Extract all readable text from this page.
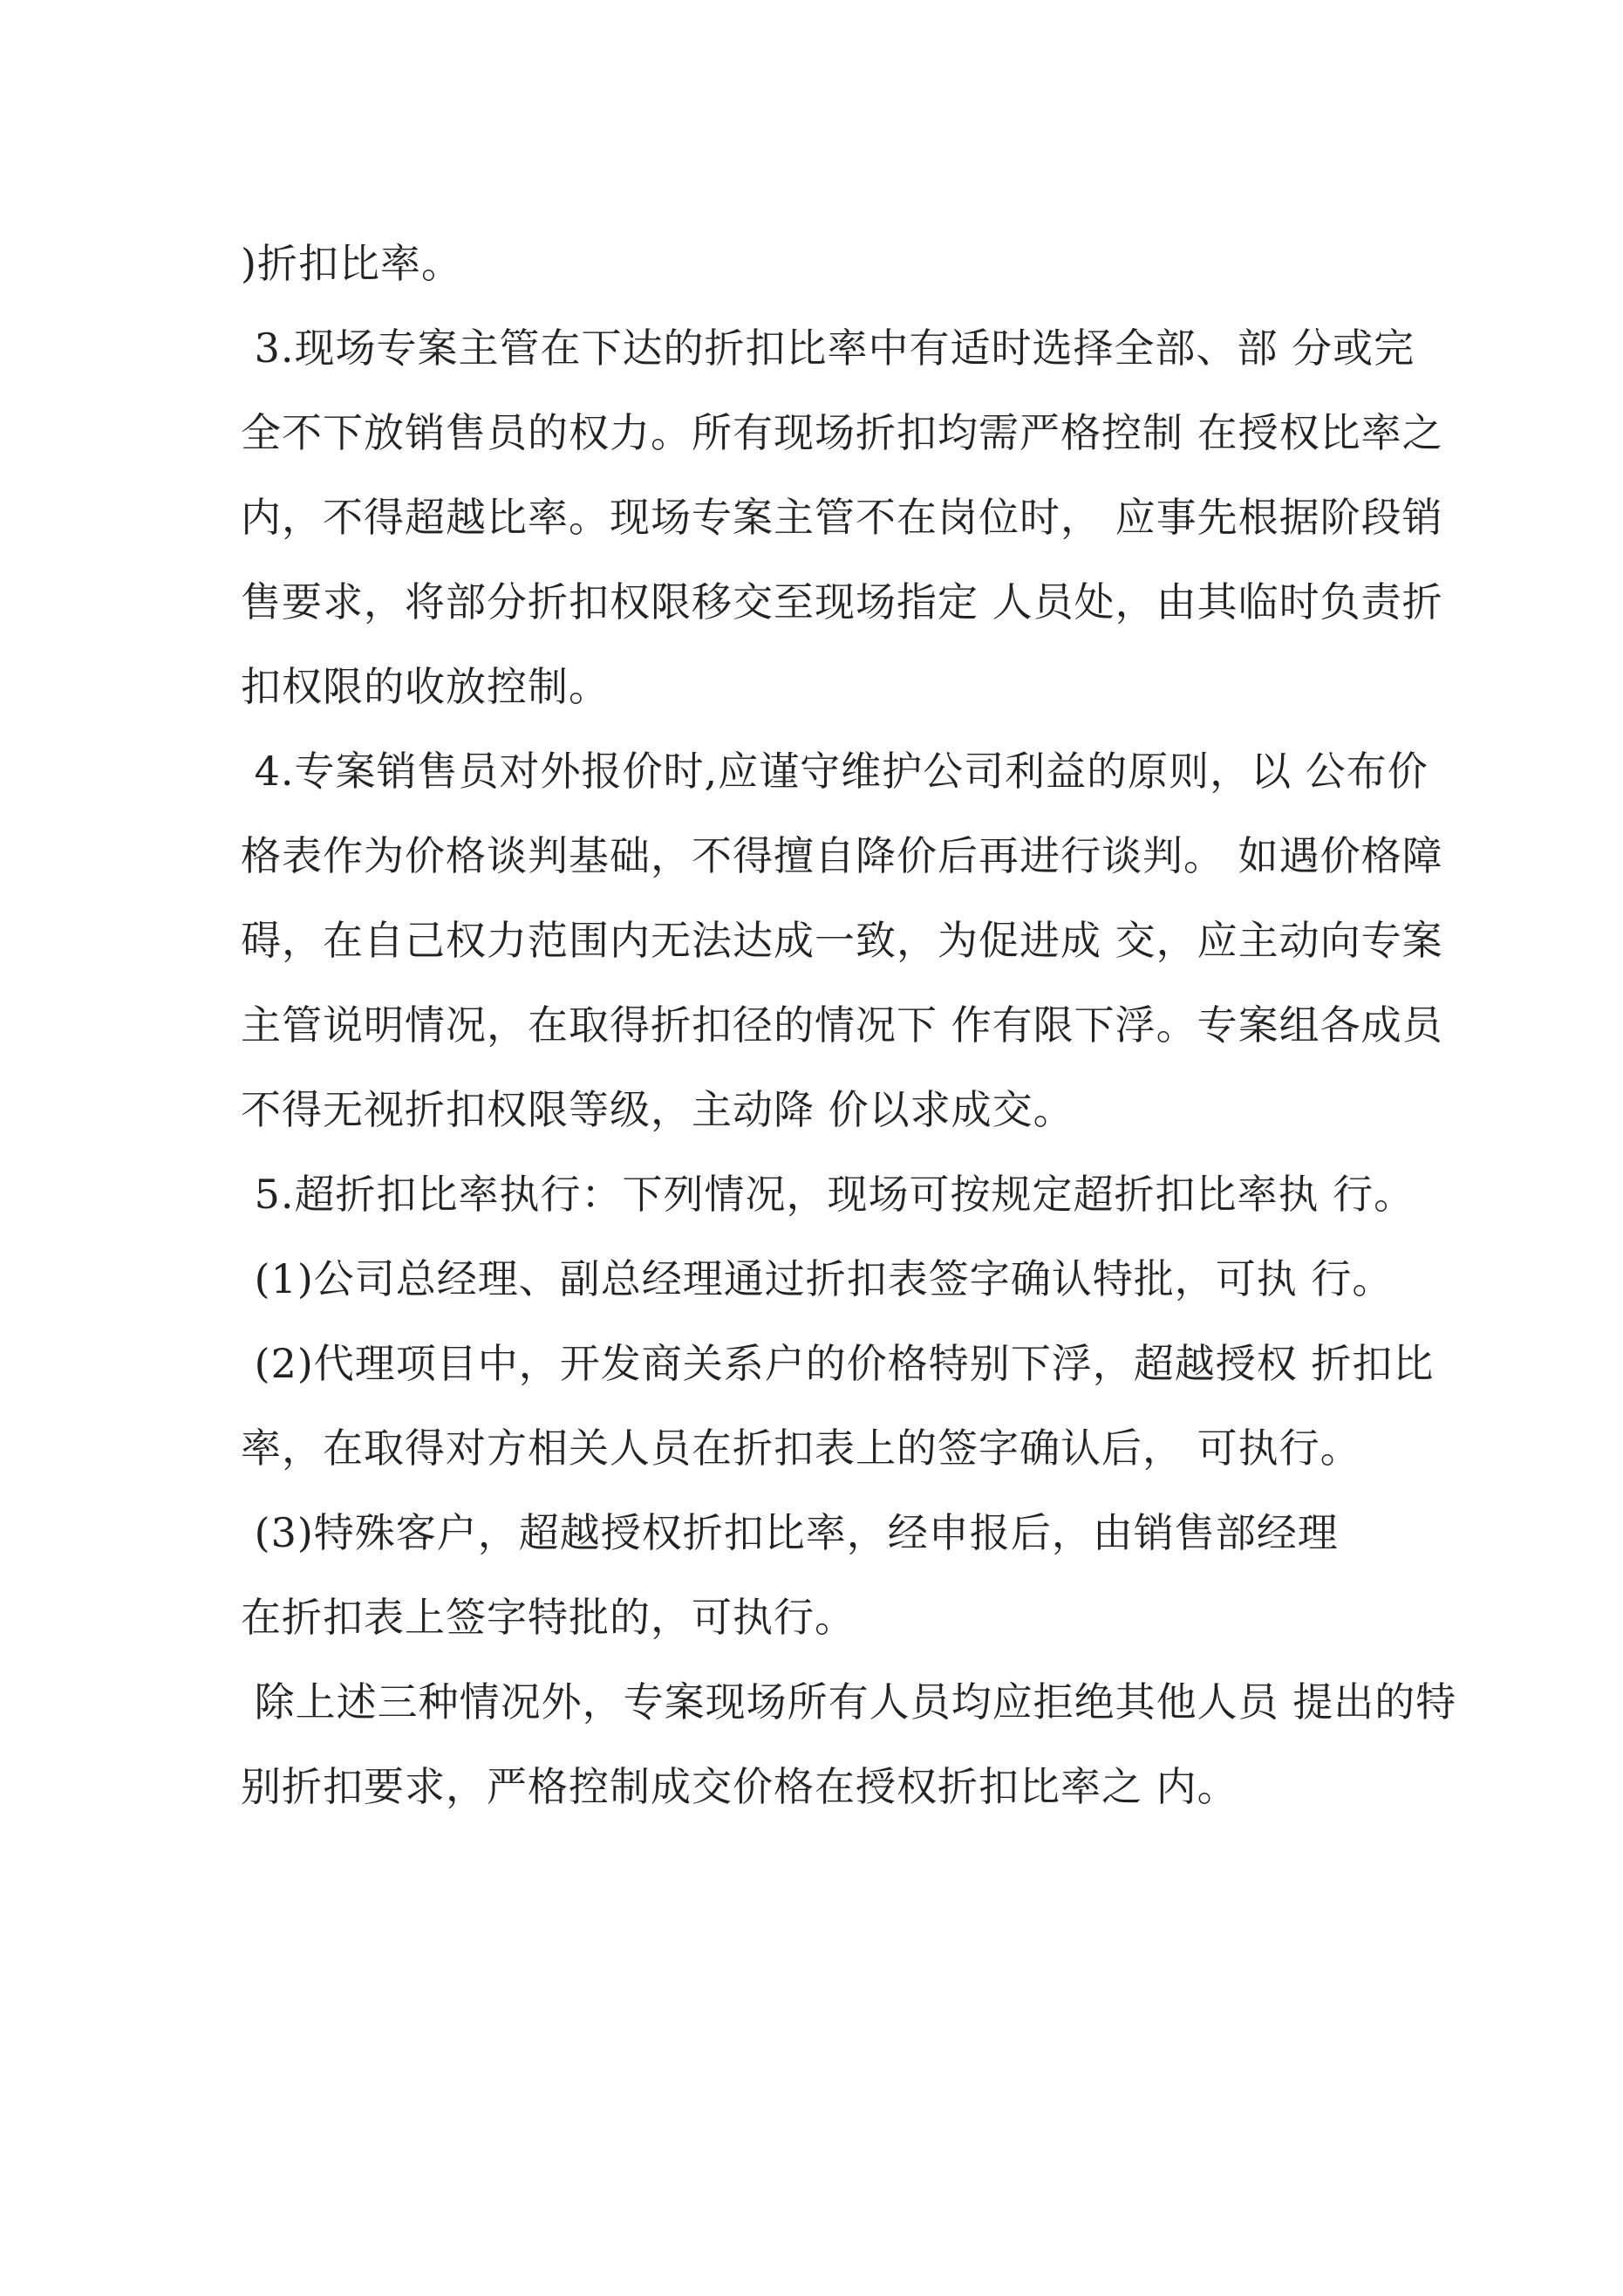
)折扣比率。
3.现场专案主管在下达的折扣比率中有适时选择全部、部 分或完
全不下放销售员的权力。所有现场折扣均需严格控制 在授权比率之
内，不得超越比率。现场专案主管不在岗位时， 应事先根据阶段销
售要求，将部分折扣权限移交至现场指定 人员处，由其临时负责折
扣权限的收放控制。
4.专案销售员对外报价时,应谨守维护公司利益的原则，以 公布价
格表作为价格谈判基础，不得擅自降价后再进行谈判。 如遇价格障
碍，在自己权力范围内无法达成一致，为促进成 交，应主动向专案
主管说明情况，在取得折扣径的情况下 作有限下浮。专案组各成员
不得无视折扣权限等级，主动降 价以求成交。
5.超折扣比率执行：下列情况，现场可按规定超折扣比率执 行。
(1)公司总经理、副总经理通过折扣表签字确认特批，可执 行。
(2)代理项目中，开发商关系户的价格特别下浮，超越授权 折扣比
率，在取得对方相关人员在折扣表上的签字确认后， 可执行。
(3)特殊客户，超越授权折扣比率，经申报后，由销售部经理
在折扣表上签字特批的，可执行。
除上述三种情况外，专案现场所有人员均应拒绝其他人员 提出的特
别折扣要求，严格控制成交价格在授权折扣比率之 内。
